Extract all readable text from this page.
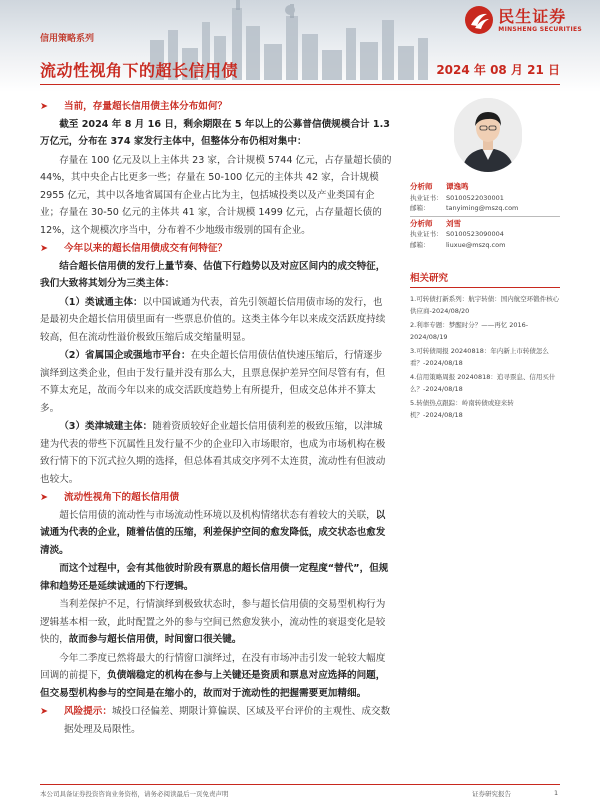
信用策略系列
流动性视角下的超长信用债	2024 年 08 月 21 日
民生证券
MINSHENG SECURITIES
➤	当前，存量超长信用债主体分布如何？

截至 2024 年 8 月 16 日，剩余期限在 5 年以上的公募普信债规模合计 1.3 万亿元，分布在 374 家发行主体中，但整体分布仍相对集中：

存量在 100 亿元及以上主体共 23 家，合计规模 5744 亿元，占存量超长债的 44%，其中央企占比更多一些；存量在 50-100 亿元的主体共 42 家，合计规模 2955 亿元，其中以各地省属国有企业占比为主，包括城投类以及产业类国有企业；存量在 30-50 亿元的主体共 41 家，合计规模 1499 亿元，占存量超长债的 12%，这个规模次序当中，分布着不少地级市级别的国有企业。

➤	今年以来的超长信用债成交有何特征？

结合超长信用债的发行上量节奏、估值下行趋势以及对应区间内的成交特征，我们大致将其划分为三类主体：

（1）类诚通主体：以中国诚通为代表，首先引领超长信用债市场的发行，也是最初央企超长信用债里面有一些票息价值的。这类主体今年以来成交活跃度持续较高，但在流动性溢价极致压缩后成交缩量明显。

（2）省属国企或强地市平台：在央企超长信用债估值快速压缩后，行情逐步演绎到这类企业，但由于发行量并没有那么大，且票息保护差异空间尽管有有，但不算太充足，故而今年以来的成交活跃度趋势上有所提升，但成交总体并不算太多。

（3）类津城建主体：随着资质较好企业超长信用债利差的极致压缩，以津城建为代表的带些下沉属性且发行量不少的企业印入市场眼帘，也成为市场机构在极致行情下的下沉式拉久期的选择，但总体看其成交序列不太连贯，流动性有但波动也较大。

➤	流动性视角下的超长信用债

超长信用债的流动性与市场流动性环境以及机构情绪状态有着较大的关联，以诚通为代表的企业，随着估值的压缩，利差保护空间的愈发降低，成交状态也愈发清淡。

而这个过程中，会有其他彼时阶段有票息的超长信用债一定程度“替代”，但规律和趋势还是延续诚通的下行逻辑。

当利差保护不足，行情演绎到极致状态时，参与超长信用债的交易型机构行为逻辑基本相一致，此时配置之外的参与空间已然愈发狭小，流动性的衰退变化是较快的，故而参与超长信用债，时间窗口很关键。

今年二季度已然将最大的行情窗口演绎过，在没有市场冲击引发一轮较大幅度回调的前提下，负债端稳定的机构在参与上关键还是资质和票息对应选择的问题，但交易型机构参与的空间是在缩小的，故而对于流动性的把握需要更加精细。

➤	风险提示：城投口径偏差、期限计算偏误、区域及平台评价的主观性、成交数据处理及局限性。
分析师	谭逸鸣
执业证书： S0100522030001
邮箱：	tanyiming@mszq.com
分析师	刘雪
执业证书： S0100523090004
邮箱：	liuxue@mszq.com
相关研究
1.可转债打新系列：航宇转债：国内航空环锻件核心供应商-2024/08/20
2.利率专题：梦醒时分？——再忆 2016-2024/08/19
3.可转债周报 20240818：年内新上市转债怎么看？-2024/08/18
4.信用策略周报 20240818：追寻票息、信用买什么？-2024/08/18
5.转债热点跟踪：岭南转债或迎来转机？-2024/08/18
本公司具备证券投资咨询业务资格，请务必阅读最后一页免责声明	证券研究报告	1
